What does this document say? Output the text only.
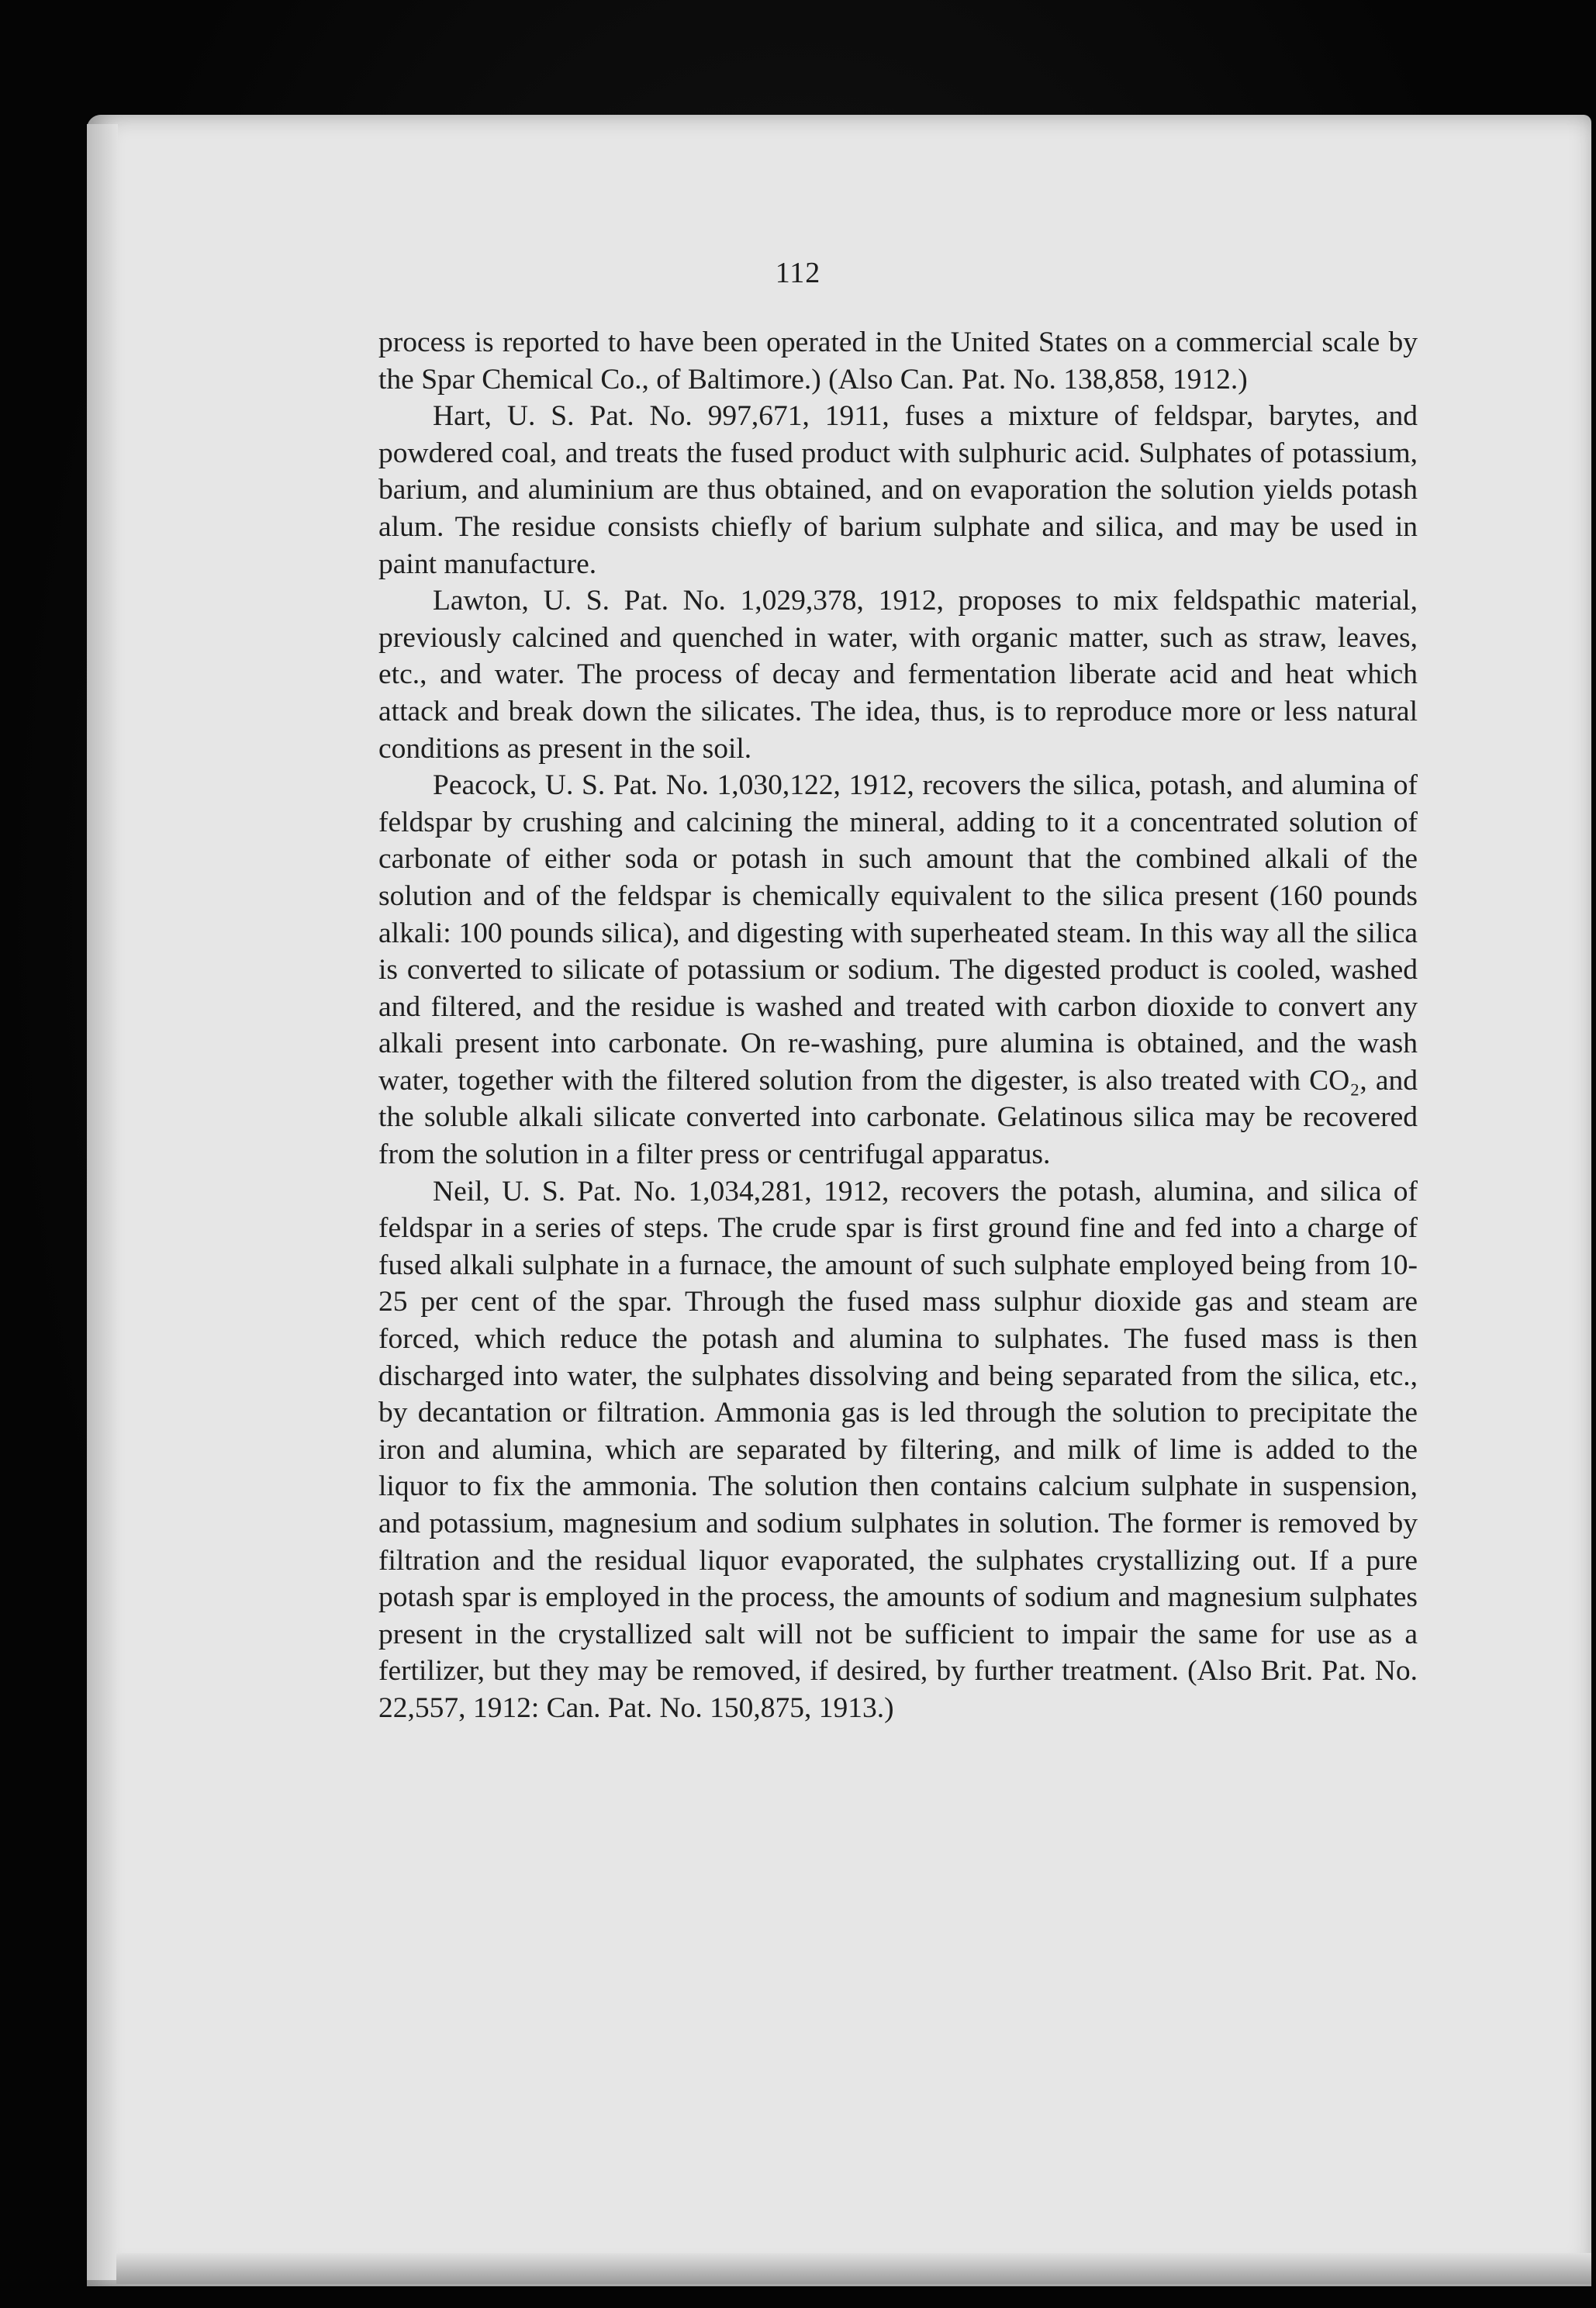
112

process is reported to have been operated in the United States on a commercial scale by the Spar Chemical Co., of Baltimore.) (Also Can. Pat. No. 138,858, 1912.)

Hart, U. S. Pat. No. 997,671, 1911, fuses a mixture of feldspar, barytes, and powdered coal, and treats the fused product with sulphuric acid. Sulphates of potassium, barium, and aluminium are thus obtained, and on evaporation the solution yields potash alum. The residue consists chiefly of barium sulphate and silica, and may be used in paint manufacture.

Lawton, U. S. Pat. No. 1,029,378, 1912, proposes to mix feldspathic material, previously calcined and quenched in water, with organic matter, such as straw, leaves, etc., and water. The process of decay and fermentation liberate acid and heat which attack and break down the silicates. The idea, thus, is to reproduce more or less natural conditions as present in the soil.

Peacock, U. S. Pat. No. 1,030,122, 1912, recovers the silica, potash, and alumina of feldspar by crushing and calcining the mineral, adding to it a concentrated solution of carbonate of either soda or potash in such amount that the combined alkali of the solution and of the feldspar is chemically equivalent to the silica present (160 pounds alkali: 100 pounds silica), and digesting with superheated steam. In this way all the silica is converted to silicate of potassium or sodium. The digested product is cooled, washed and filtered, and the residue is washed and treated with carbon dioxide to convert any alkali present into carbonate. On re-washing, pure alumina is obtained, and the wash water, together with the filtered solution from the digester, is also treated with CO₂, and the soluble alkali silicate converted into carbonate. Gelatinous silica may be recovered from the solution in a filter press or centrifugal apparatus.

Neil, U. S. Pat. No. 1,034,281, 1912, recovers the potash, alumina, and silica of feldspar in a series of steps. The crude spar is first ground fine and fed into a charge of fused alkali sulphate in a furnace, the amount of such sulphate employed being from 10-25 per cent of the spar. Through the fused mass sulphur dioxide gas and steam are forced, which reduce the potash and alumina to sulphates. The fused mass is then discharged into water, the sulphates dissolving and being separated from the silica, etc., by decantation or filtration. Ammonia gas is led through the solution to precipitate the iron and alumina, which are separated by filtering, and milk of lime is added to the liquor to fix the ammonia. The solution then contains calcium sulphate in suspension, and potassium, magnesium and sodium sulphates in solution. The former is removed by filtration and the residual liquor evaporated, the sulphates crystallizing out. If a pure potash spar is employed in the process, the amounts of sodium and magnesium sulphates present in the crystallized salt will not be sufficient to impair the same for use as a fertilizer, but they may be removed, if desired, by further treatment. (Also Brit. Pat. No. 22,557, 1912: Can. Pat. No. 150,875, 1913.)
